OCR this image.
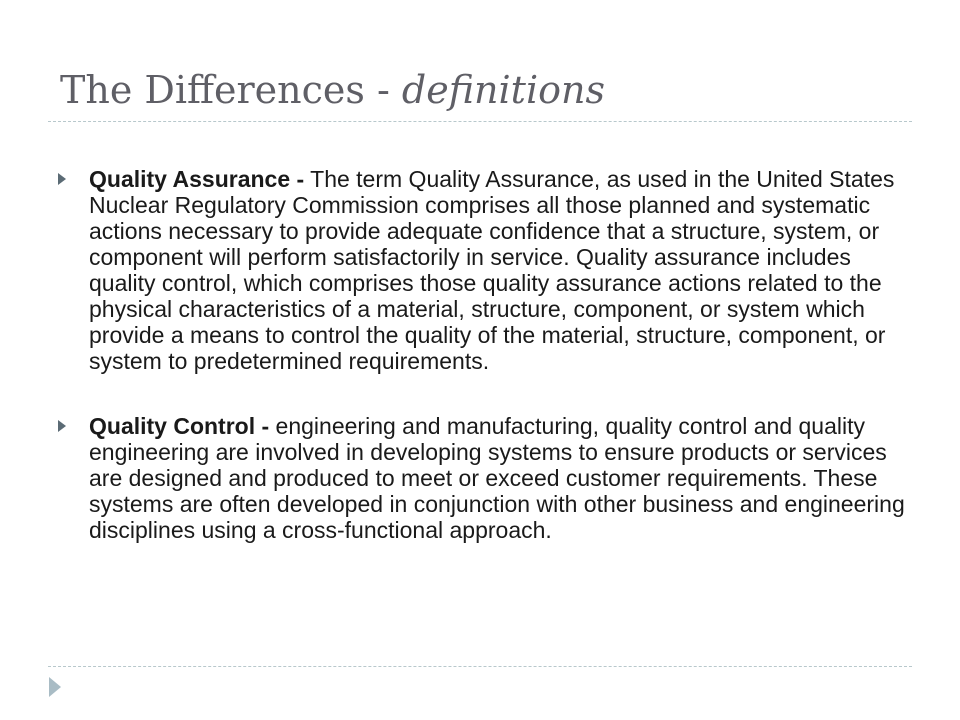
The Differences - definitions
Quality Assurance - The term Quality Assurance, as used in the United States Nuclear Regulatory Commission comprises all those planned and systematic actions necessary to provide adequate confidence that a structure, system, or component will perform satisfactorily in service. Quality assurance includes quality control, which comprises those quality assurance actions related to the physical characteristics of a material, structure, component, or system which provide a means to control the quality of the material, structure, component, or system to predetermined requirements.
Quality Control - engineering and manufacturing, quality control and quality engineering are involved in developing systems to ensure products or services are designed and produced to meet or exceed customer requirements. These systems are often developed in conjunction with other business and engineering disciplines using a cross-functional approach.
